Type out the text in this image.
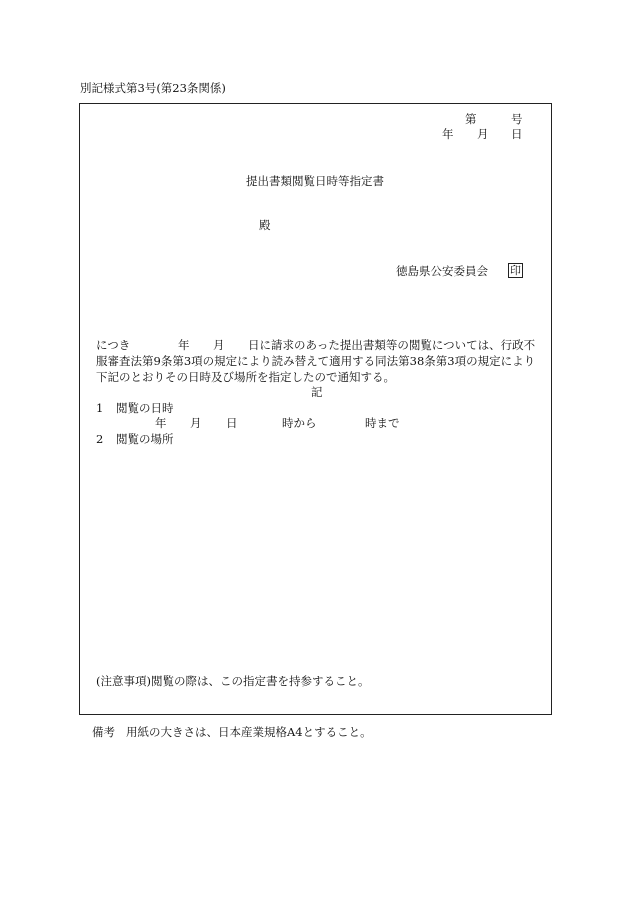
別記様式第3号(第23条関係)
第	号
年 月 日
提出書類閲覧日時等指定書
殿
徳島県公安委員会 印
につき	年 月 日に請求のあった提出書類等の閲覧については、行政不
服審査法第9条第3項の規定により読み替えて適用する同法第38条第3項の規定により
下記のとおりその日時及び場所を指定したので通知する。
記
1 閲覧の日時
年 月 日	時から	時まで
2 閲覧の場所
(注意事項)閲覧の際は、この指定書を持参すること。
備考 用紙の大きさは、日本産業規格A4とすること。
